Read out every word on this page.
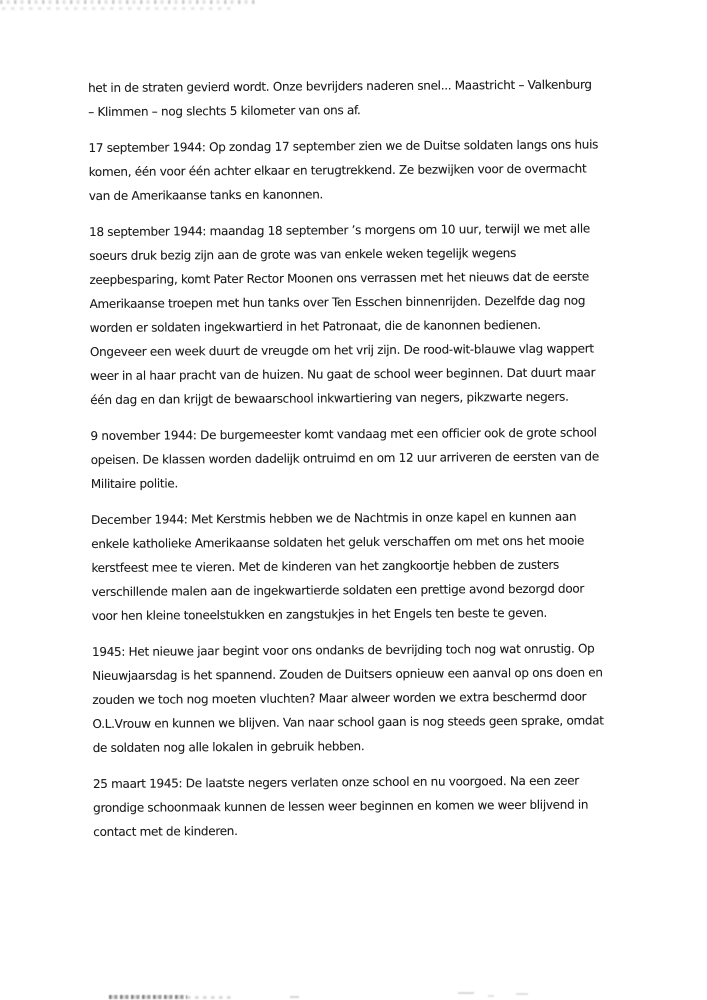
het in de straten gevierd wordt. Onze bevrijders naderen snel... Maastricht – Valkenburg
– Klimmen – nog slechts 5 kilometer van ons af.
17 september 1944: Op zondag 17 september zien we de Duitse soldaten langs ons huis
komen, één voor één achter elkaar en terugtrekkend. Ze bezwijken voor de overmacht
van de Amerikaanse tanks en kanonnen.
18 september 1944: maandag 18 september ’s morgens om 10 uur, terwijl we met alle
soeurs druk bezig zijn aan de grote was van enkele weken tegelijk wegens
zeepbesparing, komt Pater Rector Moonen ons verrassen met het nieuws dat de eerste
Amerikaanse troepen met hun tanks over Ten Esschen binnenrijden. Dezelfde dag nog
worden er soldaten ingekwartierd in het Patronaat, die de kanonnen bedienen.
Ongeveer een week duurt de vreugde om het vrij zijn. De rood-wit-blauwe vlag wappert
weer in al haar pracht van de huizen. Nu gaat de school weer beginnen. Dat duurt maar
één dag en dan krijgt de bewaarschool inkwartiering van negers, pikzwarte negers.
9 november 1944: De burgemeester komt vandaag met een officier ook de grote school
opeisen. De klassen worden dadelijk ontruimd en om 12 uur arriveren de eersten van de
Militaire politie.
December 1944: Met Kerstmis hebben we de Nachtmis in onze kapel en kunnen aan
enkele katholieke Amerikaanse soldaten het geluk verschaffen om met ons het mooie
kerstfeest mee te vieren. Met de kinderen van het zangkoortje hebben de zusters
verschillende malen aan de ingekwartierde soldaten een prettige avond bezorgd door
voor hen kleine toneelstukken en zangstukjes in het Engels ten beste te geven.
1945: Het nieuwe jaar begint voor ons ondanks de bevrijding toch nog wat onrustig. Op
Nieuwjaarsdag is het spannend. Zouden de Duitsers opnieuw een aanval op ons doen en
zouden we toch nog moeten vluchten? Maar alweer worden we extra beschermd door
O.L.Vrouw en kunnen we blijven. Van naar school gaan is nog steeds geen sprake, omdat
de soldaten nog alle lokalen in gebruik hebben.
25 maart 1945: De laatste negers verlaten onze school en nu voorgoed. Na een zeer
grondige schoonmaak kunnen de lessen weer beginnen en komen we weer blijvend in
contact met de kinderen.
